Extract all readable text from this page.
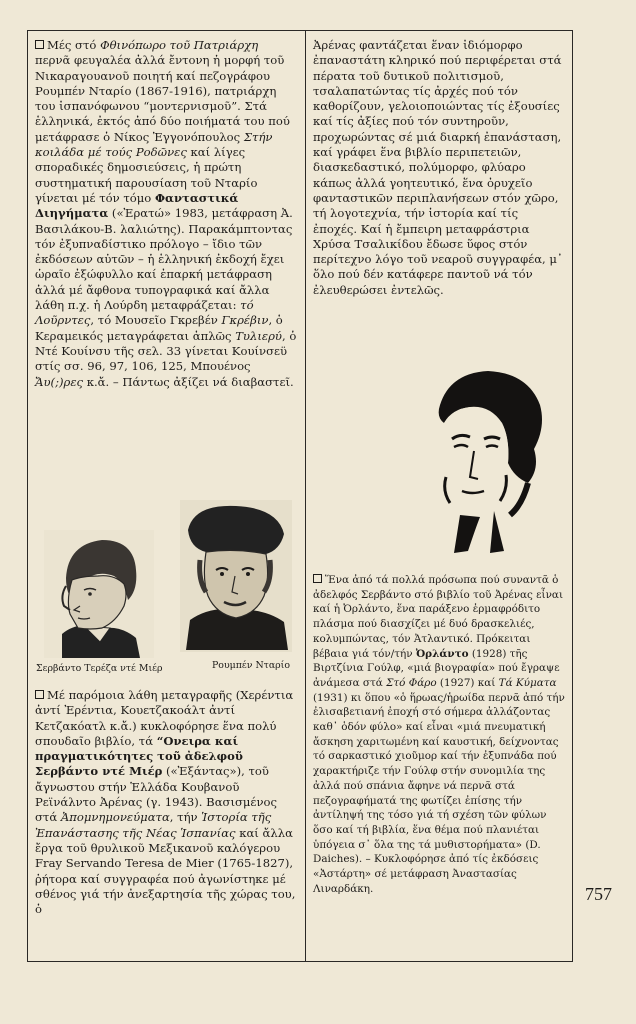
Μές στό Φθινόπωρο τοῦ Πατριάρχη περνᾶ φευγαλέα ἀλλά ἔντονη ἡ μορφή τοῦ Νικαραγουανοῦ ποιητή καί πεζογράφου Ρουμπέν Νταρίο (1867-1916), πατριάρχη του ἱσπανόφωνου “μοντερνισμοῦ”. Στά ἑλληνικά, ἐκτός ἀπό δύο ποιήματά του πού μετάφρασε ὁ Νίκος Ἐγγονόπουλος Στήν κοιλάδα μέ τούς Ροδῶνες καί λίγες σποραδικές δημοσιεύσεις, ἡ πρώτη συστηματική παρουσίαση τοῦ Νταρίο γίνεται μέ τόν τόμο Φανταστικά Διηγήματα («Ἐρατώ» 1983, μετάφραση Ἀ. Βασιλάκου-Β. λαλιώτης). Παρακάμπτοντας τόν ἐξυπναδίστικο πρόλογο – ἴδιο τῶν ἐκδόσεων αὐτῶν – ἡ ἑλληνική ἐκδοχή ἔχει ὡραῖο ἐξώφυλλο καί ἐπαρκή μετάφραση ἀλλά μέ ἄφθονα τυπογραφικά καί ἄλλα λάθη π.χ. ἡ Λούρδη μεταφράζεται: τό Λοῦρντες, τό Μουσεῖο Γκρεβέν Γκρέβιν, ὁ Κεραμεικός μεταγράφεται ἁπλῶς Τυλιερύ, ὁ Ντέ Κουίνσυ τῆς σελ. 33 γίνεται Κουίνσεϋ στίς σσ. 96, 97, 106, 125, Μπουένος Ἄυ(;)ρες κ.ἄ. – Πάντως ἀξίζει νά διαβαστεῖ.

Σερβάντο Τερέζα ντέ Μιέρ	Ρουμπέν Νταρίο

Μέ παρόμοια λάθη μεταγραφῆς (Χερέντια ἀντί Ἐρέντια, Κουετζακοάλτ ἀντί Κετζακόατλ κ.ἄ.) κυκλοφόρησε ἕνα πολύ σπουδαῖο βιβλίο, τά “Ονειρα καί πραγματικότητες τοῦ ἀδελφοῦ Σερβάντο ντέ Μιέρ («Ἐξάντας»), τοῦ ἄγνωστου στήν Ἑλλάδα Κουβανοῦ Ρεϊνάλντο Ἀρένας (γ. 1943). Βασισμένος στά Ἀπομνημονεύματα, τήν Ἱστορία τῆς Ἐπανάστασης τῆς Νέας Ἱσπανίας καί ἄλλα ἔργα τοῦ θρυλικοῦ Μεξικανοῦ καλόγερου Fray Servando Teresa de Mier (1765-1827), ῥήτορα καί συγγραφέα πού ἀγωνίστηκε μέ σθένος γιά τήν ἀνεξαρτησία τῆς χώρας του, ὁ

Ἀρένας φαντάζεται ἕναν ἰδιόμορφο ἐπαναστάτη κληρικό πού περιφέρεται στά πέρατα τοῦ δυτικοῦ πολιτισμοῦ, τσαλαπατώντας τίς ἀρχές πού τόν καθορίζουν, γελοιοποιώντας τίς ἐξουσίες καί τίς ἀξίες πού τόν συντηροῦν, προχωρώντας σέ μιά διαρκή ἐπανάσταση, καί γράφει ἕνα βιβλίο περιπετειῶν, διασκεδαστικό, πολύμορφο, φλύαρο κάπως ἀλλά γοητευτικό, ἕνα ὀρυχεῖο φανταστικῶν περιπλανήσεων στόν χῶρο, τή λογοτεχνία, τήν ἱστορία καί τίς ἐποχές. Καί ἡ ἔμπειρη μεταφράστρια Χρύσα Τσαλικίδου ἔδωσε ὕφος στόν περίτεχνο λόγο τοῦ νεαροῦ συγγραφέα, μ᾽ ὅλο πού δέν κατάφερε παντοῦ νά τόν ἐλευθερώσει ἐντελῶς.

Ἕνα ἀπό τά πολλά πρόσωπα πού συναντᾶ ὁ ἀδελφός Σερβάντο στό βιβλίο τοῦ Ἀρένας εἶναι καί ἡ Ὀρλάντο, ἕνα παράξενο ἑρμαφρόδιτο πλάσμα πού διασχίζει μέ δυό δρασκελιές, κολυμπώντας, τόν Ἀτλαντικό. Πρόκειται βέβαια γιά τόν/τήν Ὀρλάντο (1928) τῆς Βιρτζίνια Γούλφ, «μιά βιογραφία» πού ἔγραψε ἀνάμεσα στά Στό Φάρο (1927) καί Τά Κύματα (1931) κι ὅπου «ὁ ἥρωας/ἡρωίδα περνᾶ ἀπό τήν ἐλισαβετιανή ἐποχή στό σήμερα ἀλλάζοντας καθ᾽ ὁδόν φύλο» καί εἶναι «μιά πνευματική ἄσκηση χαριτωμένη καί καυστική, δείχνοντας τό σαρκαστικό χιοῦμορ καί τήν ἐξυπνάδα πού χαρακτήριζε τήν Γούλφ στήν συνομιλία της ἀλλά πού σπάνια ἄφηνε νά περνᾶ στά πεζογραφήματά της φωτίζει ἐπίσης τήν ἀντίληψή της τόσο γιά τή σχέση τῶν φύλων ὅσο καί τή βιβλία, ἕνα θέμα πού πλανιέται ὑπόγεια σ᾽ ὅλα της τά μυθιστορήματα» (D. Daiches). – Κυκλοφόρησε ἀπό τίς ἐκδόσεις «Ἀστάρτη» σέ μετάφραση Ἀναστασίας Λιναρδάκη.	757
